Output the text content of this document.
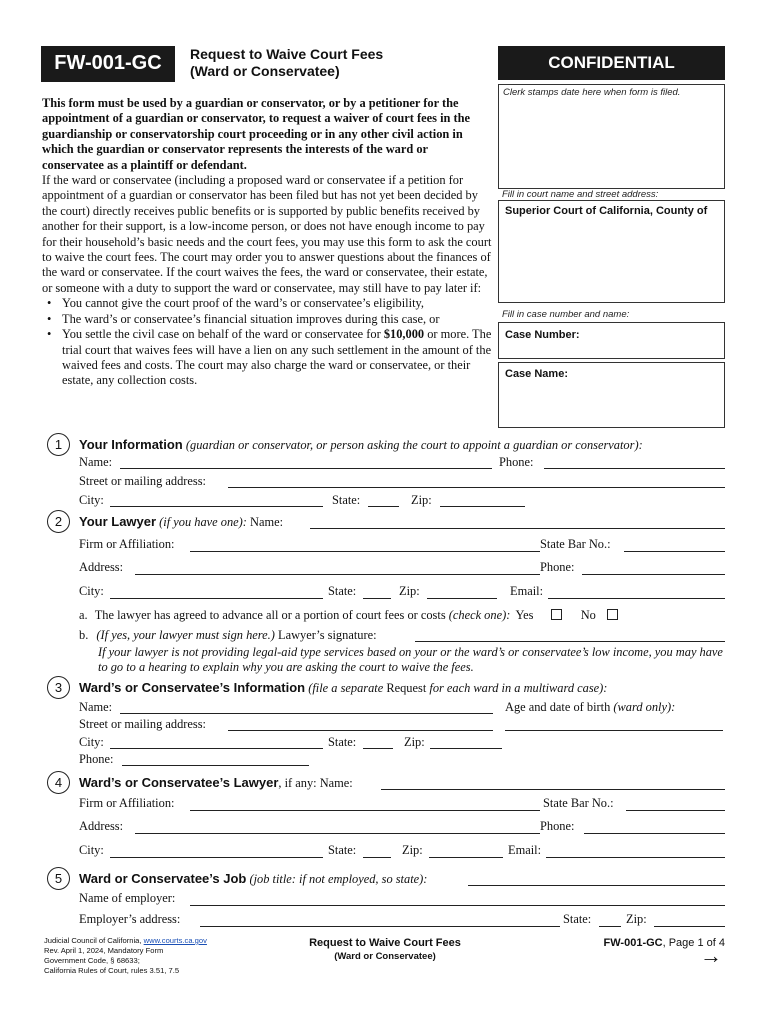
FW-001-GC	Request to Waive Court Fees
(Ward or Conservatee)	CONFIDENTIAL

This form must be used by a guardian or conservator, or by a petitioner for the appointment of a guardian or conservator, to request a waiver of court fees in the guardianship or conservatorship court proceeding or in any other civil action in which the guardian or conservator represents the interests of the ward or conservatee as a plaintiff or defendant.

If the ward or conservatee (including a proposed ward or conservatee if a petition for appointment of a guardian or conservator has been filed but has not yet been decided by the court) directly receives public benefits or is supported by public benefits received by another for their support, is a low-income person, or does not have enough income to pay for their household’s basic needs and the court fees, you may use this form to ask the court to waive the court fees. The court may order you to answer questions about the finances of the ward or conservatee. If the court waives the fees, the ward or conservatee, their estate, or someone with a duty to support the ward or conservatee, may still have to pay later if:

• You cannot give the court proof of the ward’s or conservatee’s eligibility,
• The ward’s or conservatee’s financial situation improves during this case, or
• You settle the civil case on behalf of the ward or conservatee for $10,000 or more. The trial court that waives fees will have a lien on any such settlement in the amount of the waived fees and costs. The court may also charge the ward or conservatee, or their estate, any collection costs.
Clerk stamps date here when form is filed.
Fill in court name and street address:
Superior Court of California, County of
Fill in case number and name:
Case Number:
Case Name:
1	Your Information (guardian or conservator, or person asking the court to appoint a guardian or conservator):
Name:	Phone:
Street or mailing address:
City:	State:	Zip:
2	Your Lawyer (if you have one): Name:
Firm or Affiliation:	State Bar No.:
Address:	Phone:
City:	State:	Zip:	Email:
a. The lawyer has agreed to advance all or a portion of court fees or costs (check one): Yes	No
b. (If yes, your lawyer must sign here.) Lawyer’s signature:
If your lawyer is not providing legal-aid type services based on your or the ward’s or conservatee’s low income, you may have to go to a hearing to explain why you are asking the court to waive the fees.
3	Ward’s or Conservatee’s Information (file a separate Request for each ward in a multiward case):
Name:	Age and date of birth (ward only):
Street or mailing address:
City:	State:	Zip:
Phone:
4	Ward’s or Conservatee’s Lawyer, if any: Name:
Firm or Affiliation:	State Bar No.:
Address:	Phone:
City:	State:	Zip:	Email:
5	Ward or Conservatee’s Job (job title: if not employed, so state):
Name of employer:
Employer’s address:	State:	Zip:
Judicial Council of California, www.courts.ca.gov
Rev. April 1, 2024, Mandatory Form
Government Code, § 68633;
California Rules of Court, rules 3.51, 7.5
Request to Waive Court Fees
(Ward or Conservatee)
FW-001-GC, Page 1 of 4
→
